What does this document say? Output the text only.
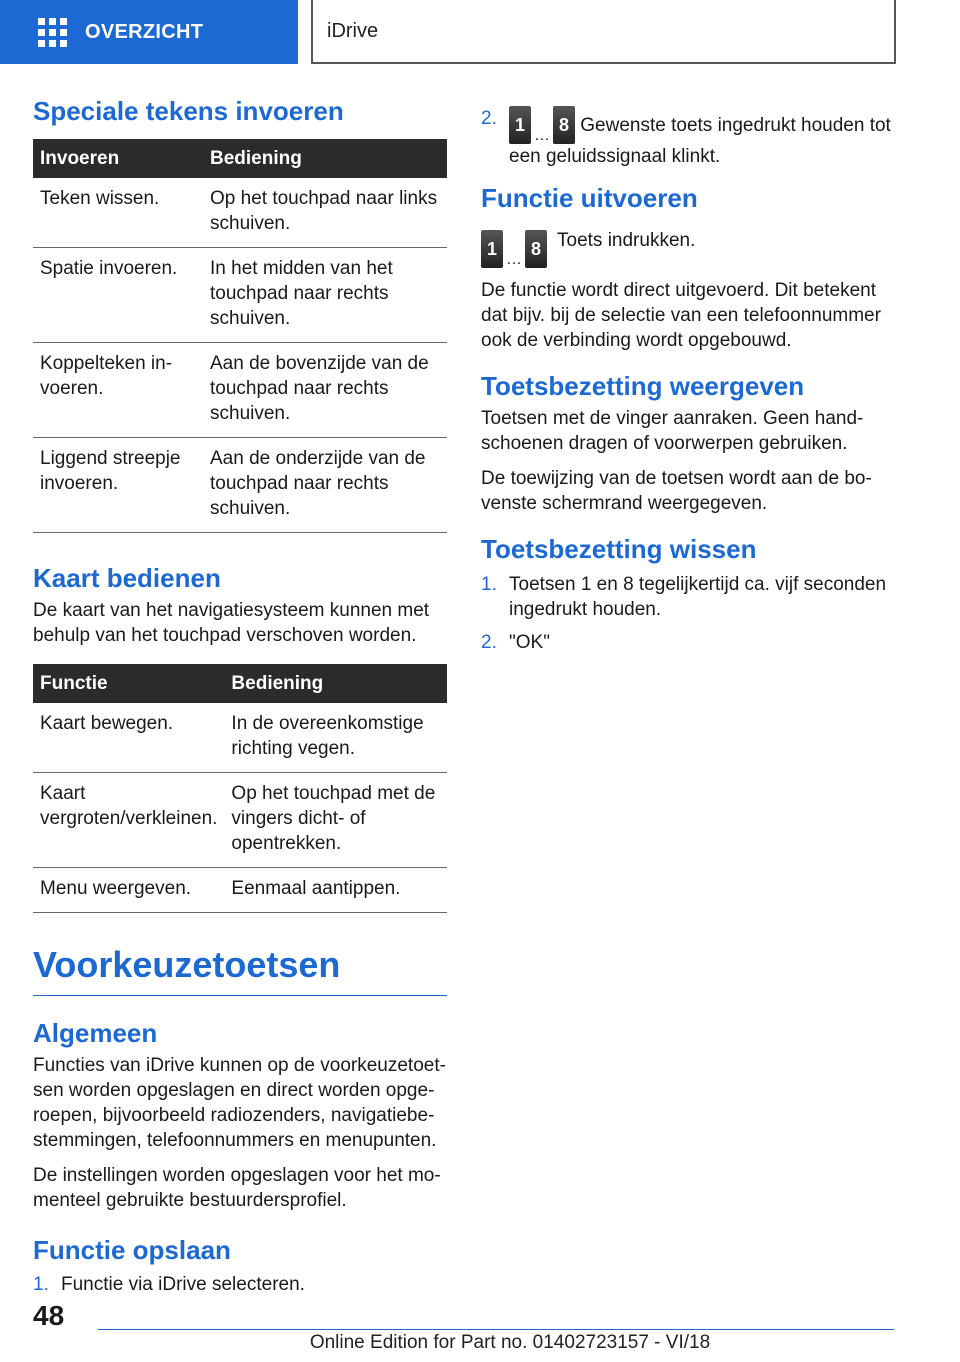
OVERZICHT	iDrive
Speciale tekens invoeren
Invoeren	Bediening
Teken wissen.	Op het touchpad naar links schuiven.
Spatie invoeren.	In het midden van het touchpad naar rechts schuiven.
Koppelteken invoeren.	Aan de bovenzijde van de touchpad naar rechts schuiven.
Liggend streepje invoeren.	Aan de onderzijde van de touchpad naar rechts schuiven.
Kaart bedienen

De kaart van het navigatiesysteem kunnen met behulp van het touchpad verschoven worden.

Functie	Bediening
Kaart bewegen.	In de overeenkomstige richting vegen.
Kaart vergroten/verkleinen.	Op het touchpad met de vingers dicht- of opentrekken.
Menu weergeven.	Eenmaal aantippen.
Voorkeuzetoetsen
Algemeen

Functies van iDrive kunnen op de voorkeuzetoetsen worden opgeslagen en direct worden opgeroepen, bijvoorbeeld radiozenders, navigatiebestemmingen, telefoonnummers en menupunten.

De instellingen worden opgeslagen voor het momenteel gebruikte bestuurdersprofiel.

Functie opslaan
1. Functie via iDrive selecteren.
2.	1
…
8 Gewenste toets ingedrukt houden tot een geluidssignaal klinkt.
Functie uitvoeren
1
…
8 Toets indrukken.

De functie wordt direct uitgevoerd. Dit betekent dat bijv. bij de selectie van een telefoonnummer ook de verbinding wordt opgebouwd.

Toetsbezetting weergeven

Toetsen met de vinger aanraken. Geen handschoenen dragen of voorwerpen gebruiken.

De toewijzing van de toetsen wordt aan de bovenste schermrand weergegeven.

Toetsbezetting wissen
1. Toetsen 1 en 8 tegelijkertijd ca. vijf seconden ingedrukt houden.
2. "OK"
48
Online Edition for Part no. 01402723157 - VI/18
